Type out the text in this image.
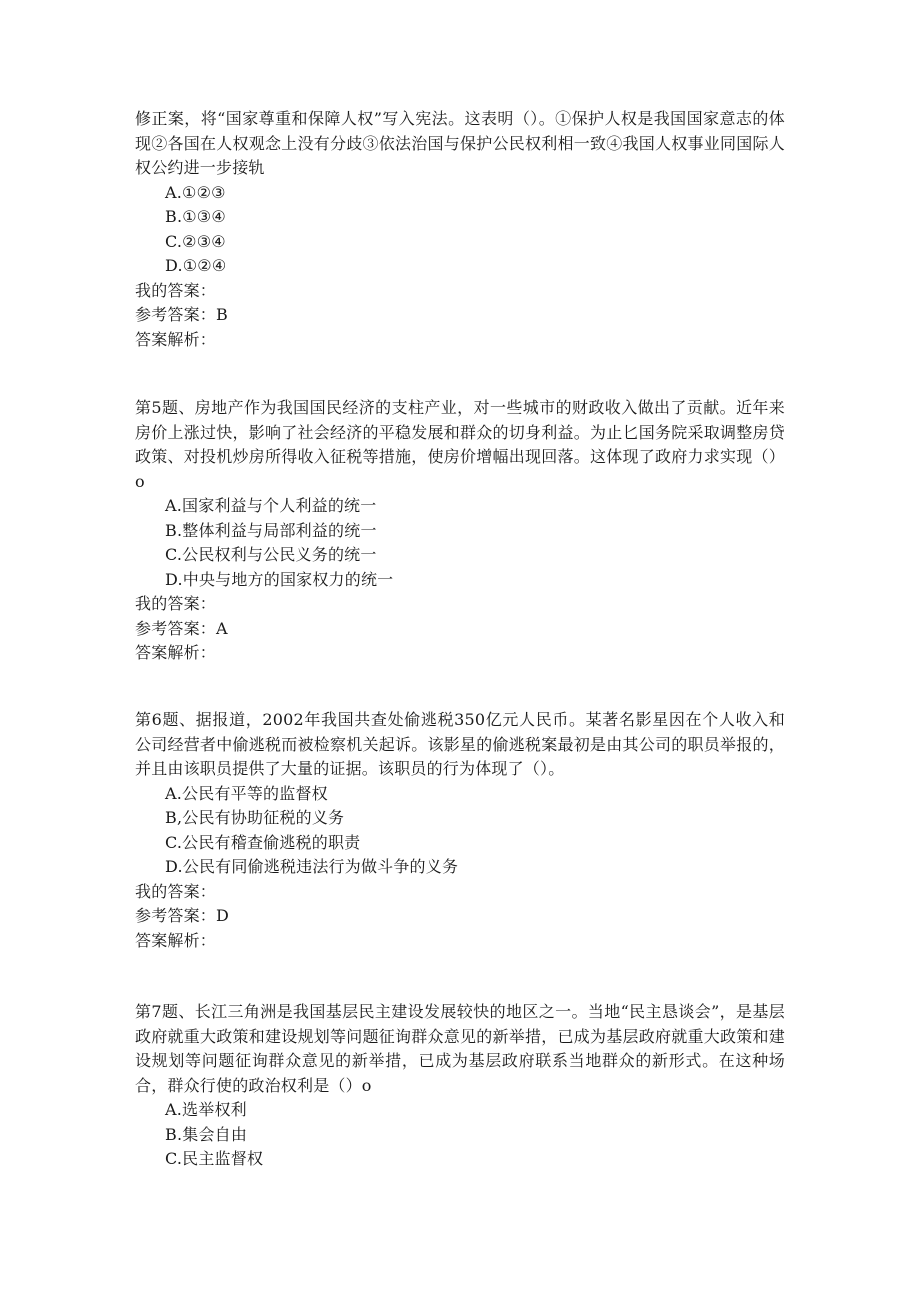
修正案，将“国家尊重和保障人权”写入宪法。这表明（）。①保护人权是我国国家意志的体现②各国在人权观念上没有分歧③依法治国与保护公民权利相一致④我国人权事业同国际人权公约进一步接轨

A.①②③
B.①③④
C.②③④
D.①②④
我的答案：
参考答案：B
答案解析：

第5题、房地产作为我国国民经济的支柱产业，对一些城市的财政收入做出了贡献。近年来房价上涨过快，影响了社会经济的平稳发展和群众的切身利益。为止匕国务院采取调整房贷政策、对投机炒房所得收入征税等措施，使房价增幅出现回落。这体现了政府力求实现（）o

A.国家利益与个人利益的统一
B.整体利益与局部利益的统一
C.公民权利与公民义务的统一
D.中央与地方的国家权力的统一
我的答案：
参考答案：A
答案解析：

第6题、据报道，2002年我国共查处偷逃税350亿元人民币。某著名影星因在个人收入和公司经营者中偷逃税而被检察机关起诉。该影星的偷逃税案最初是由其公司的职员举报的，并且由该职员提供了大量的证据。该职员的行为体现了（）。

A.公民有平等的监督权
B,公民有协助征税的义务
C.公民有稽查偷逃税的职责
D.公民有同偷逃税违法行为做斗争的义务
我的答案：
参考答案：D
答案解析：

第7题、长江三角洲是我国基层民主建设发展较快的地区之一。当地“民主恳谈会”，是基层政府就重大政策和建设规划等问题征询群众意见的新举措，已成为基层政府就重大政策和建设规划等问题征询群众意见的新举措，已成为基层政府联系当地群众的新形式。在这种场合，群众行使的政治权利是（）o

A.选举权利
B.集会自由
C.民主监督权
